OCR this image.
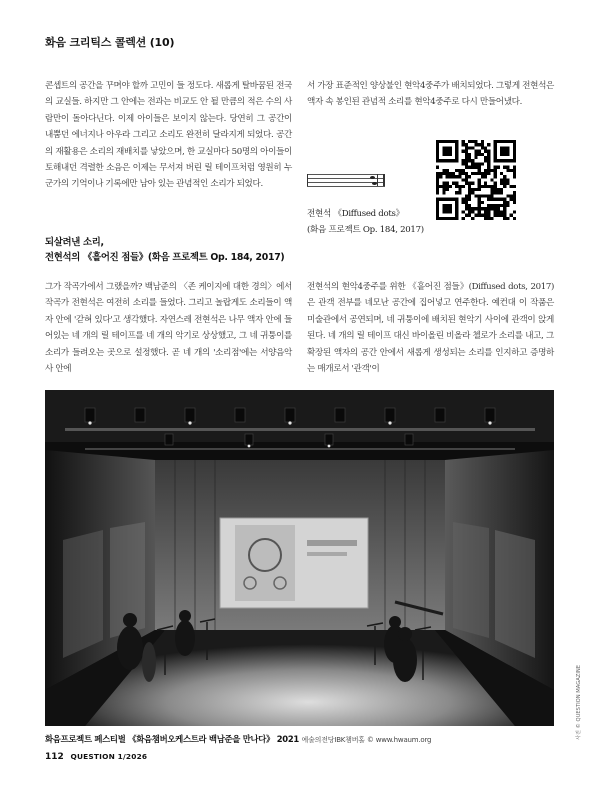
화음 크리틱스 콜렉션 (10)
콘셉트의 공간을 꾸며야 할까 고민이 들 정도다. 새롭게 탈바꿈된 전국의 교실들. 하지만 그 안에는 전과는 비교도 안 될 만큼의 적은 수의 사람만이 돌아다닌다. 이제 아이들은 보이지 않는다. 당연히 그 공간이 내뿜던 에너지나 아우라 그리고 소리도 완전히 달라지게 되었다. 공간의 재활용은 소리의 재배치를 낳았으며, 한 교실마다 50명의 아이들이 토해내던 격렬한 소음은 이제는 무서져 버린 릴 테이프처럼 영원히 누군가의 기억이나 기록에만 남아 있는 관념적인 소리가 되었다.
서 가장 표준적인 양상불인 현악4중주가 배치되었다. 그렇게 전현석은 액자 속 봉인된 관념적 소리를 현악4중주로 다시 만들어냈다.
전현석 《Diffused dots》
(화음 프로젝트 Op. 184, 2017)
되살려낸 소리,
전현석의 《흩어진 점들》(화음 프로젝트 Op. 184, 2017)
그가 작곡가에서 그랬을까? 백남준의 〈존 케이지에 대한 경의〉에서 작곡가 전현석은 여전히 소리를 들었다. 그리고 놀랍게도 소리들이 액자 안에 '갇혀 있다'고 생각했다. 자연스레 전현석은 나무 액자 안에 들어있는 네 개의 릴 테이프를 네 개의 악기로 상상했고, 그 네 귀퉁이를 소리가 들려오는 곳으로 설정했다. 곧 네 개의 '소리점'에는 서양음악사 안에
전현석의 현악4중주를 위한 《흩어진 점들》(Diffused dots, 2017)은 관객 전부를 네모난 공간에 집어넣고 연주한다. 예컨대 이 작품은 미술관에서 공연되며, 네 귀퉁이에 배치된 현악기 사이에 관객이 앉게 된다. 네 개의 릴 테이프 대신 바이올린 비올라 첼로가 소리를 내고, 그 확장된 액자의 공간 안에서 새롭게 생성되는 소리를 인지하고 증명하는 매개로서 '관객'이
화음프로젝트 페스티벌 《화음챔버오케스트라 백남준을 만나다》 2021 예술의전당IBK챔버홀 © www.hwaum.org	사진 © QUESTION MAGAZINE
112 QUESTION 1/2026
